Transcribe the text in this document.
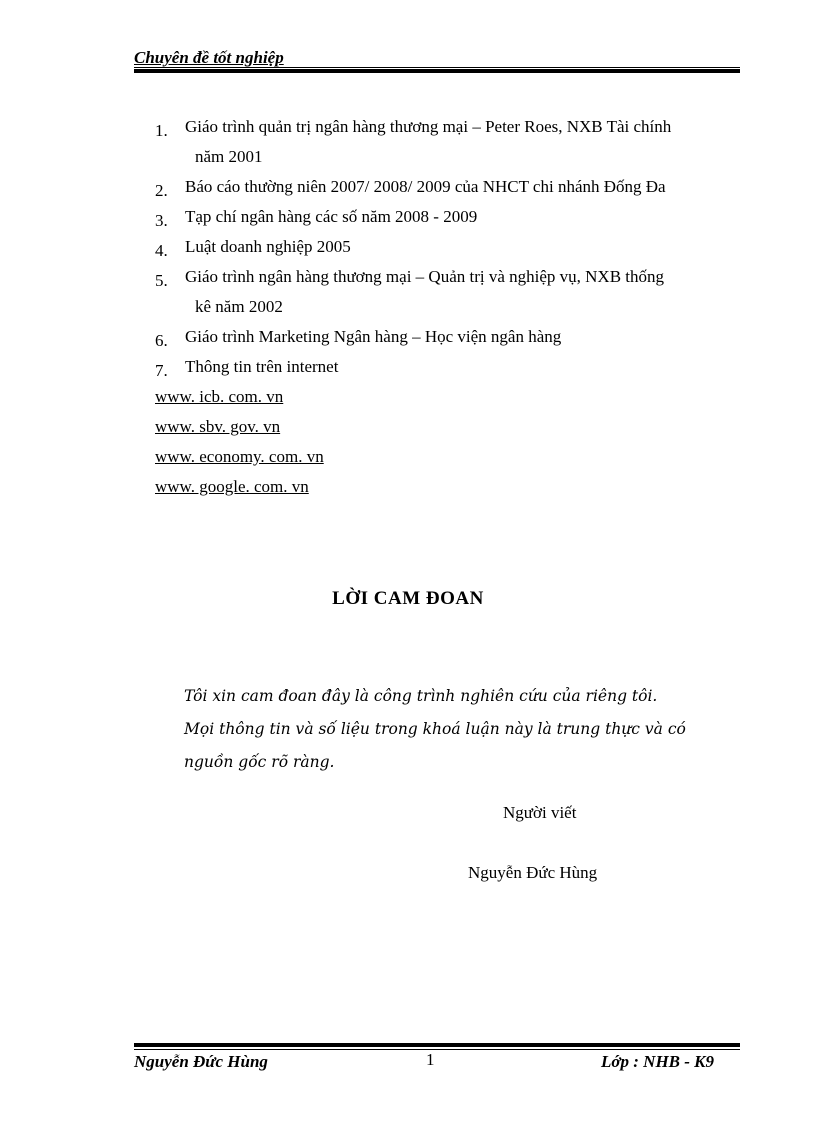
Chuyên đề tốt nghiệp
1. Giáo trình quản trị ngân hàng thương mại – Peter Roes, NXB Tài chính
năm 2001
2. Báo cáo thường niên 2007/ 2008/ 2009 của NHCT chi nhánh Đống Đa
3. Tạp chí ngân hàng các số năm 2008 - 2009
4. Luật doanh nghiệp 2005
5. Giáo trình ngân hàng thương mại – Quản trị và nghiệp vụ, NXB thống
kê năm 2002
6. Giáo trình Marketing Ngân hàng – Học viện ngân hàng
7. Thông tin trên internet
www. icb. com. vn
www. sbv. gov. vn
www. economy. com. vn
www. google. com. vn
LỜI CAM ĐOAN
Tôi xin cam đoan đây là công trình nghiên cứu của riêng tôi.
Mọi thông tin và số liệu trong khoá luận này là trung thực và có
nguồn gốc rõ ràng.
Người viết
Nguyễn Đức Hùng
Nguyễn Đức Hùng	1	Lớp : NHB - K9
